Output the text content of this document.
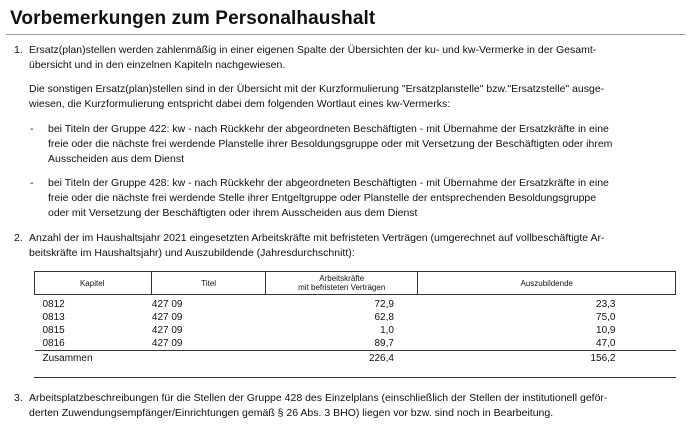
Vorbemerkungen zum Personalhaushalt
1. Ersatz(plan)stellen werden zahlenmäßig in einer eigenen Spalte der Übersichten der ku- und kw-Vermerke in der Gesamt-
übersicht und in den einzelnen Kapiteln nachgewiesen.
Die sonstigen Ersatz(plan)stellen sind in der Übersicht mit der Kurzformulierung "Ersatzplanstelle" bzw."Ersatzstelle" ausge-
wiesen, die Kurzformulierung entspricht dabei dem folgenden Wortlaut eines kw-Vermerks:
- bei Titeln der Gruppe 422: kw - nach Rückkehr der abgeordneten Beschäftigten - mit Übernahme der Ersatzkräfte in eine
freie oder die nächste frei werdende Planstelle ihrer Besoldungsgruppe oder mit Versetzung der Beschäftigten oder ihrem
Ausscheiden aus dem Dienst
- bei Titeln der Gruppe 428: kw - nach Rückkehr der abgeordneten Beschäftigten - mit Übernahme der Ersatzkräfte in eine
freie oder die nächste frei werdende Stelle ihrer Entgeltgruppe oder Planstelle der entsprechenden Besoldungsgruppe
oder mit Versetzung der Beschäftigten oder ihrem Ausscheiden aus dem Dienst
2. Anzahl der im Haushaltsjahr 2021 eingesetzten Arbeitskräfte mit befristeten Verträgen (umgerechnet auf vollbeschäftigte Ar-
beitskräfte im Haushaltsjahr) und Auszubildende (Jahresdurchschnitt):
Kapitel	Titel	Arbeitskräfte
mit befristeten Verträgen	Auszubildende

0812	427 09	72,9	23,3
0813	427 09	62,8	75,0
0815	427 09	1,0	10,9
0816	427 09	89,7	47,0
Zusammen		226,4	156,2
3. Arbeitsplatzbeschreibungen für die Stellen der Gruppe 428 des Einzelplans (einschließlich der Stellen der institutionell geför-
derten Zuwendungsempfänger/Einrichtungen gemäß § 26 Abs. 3 BHO) liegen vor bzw. sind noch in Bearbeitung.
